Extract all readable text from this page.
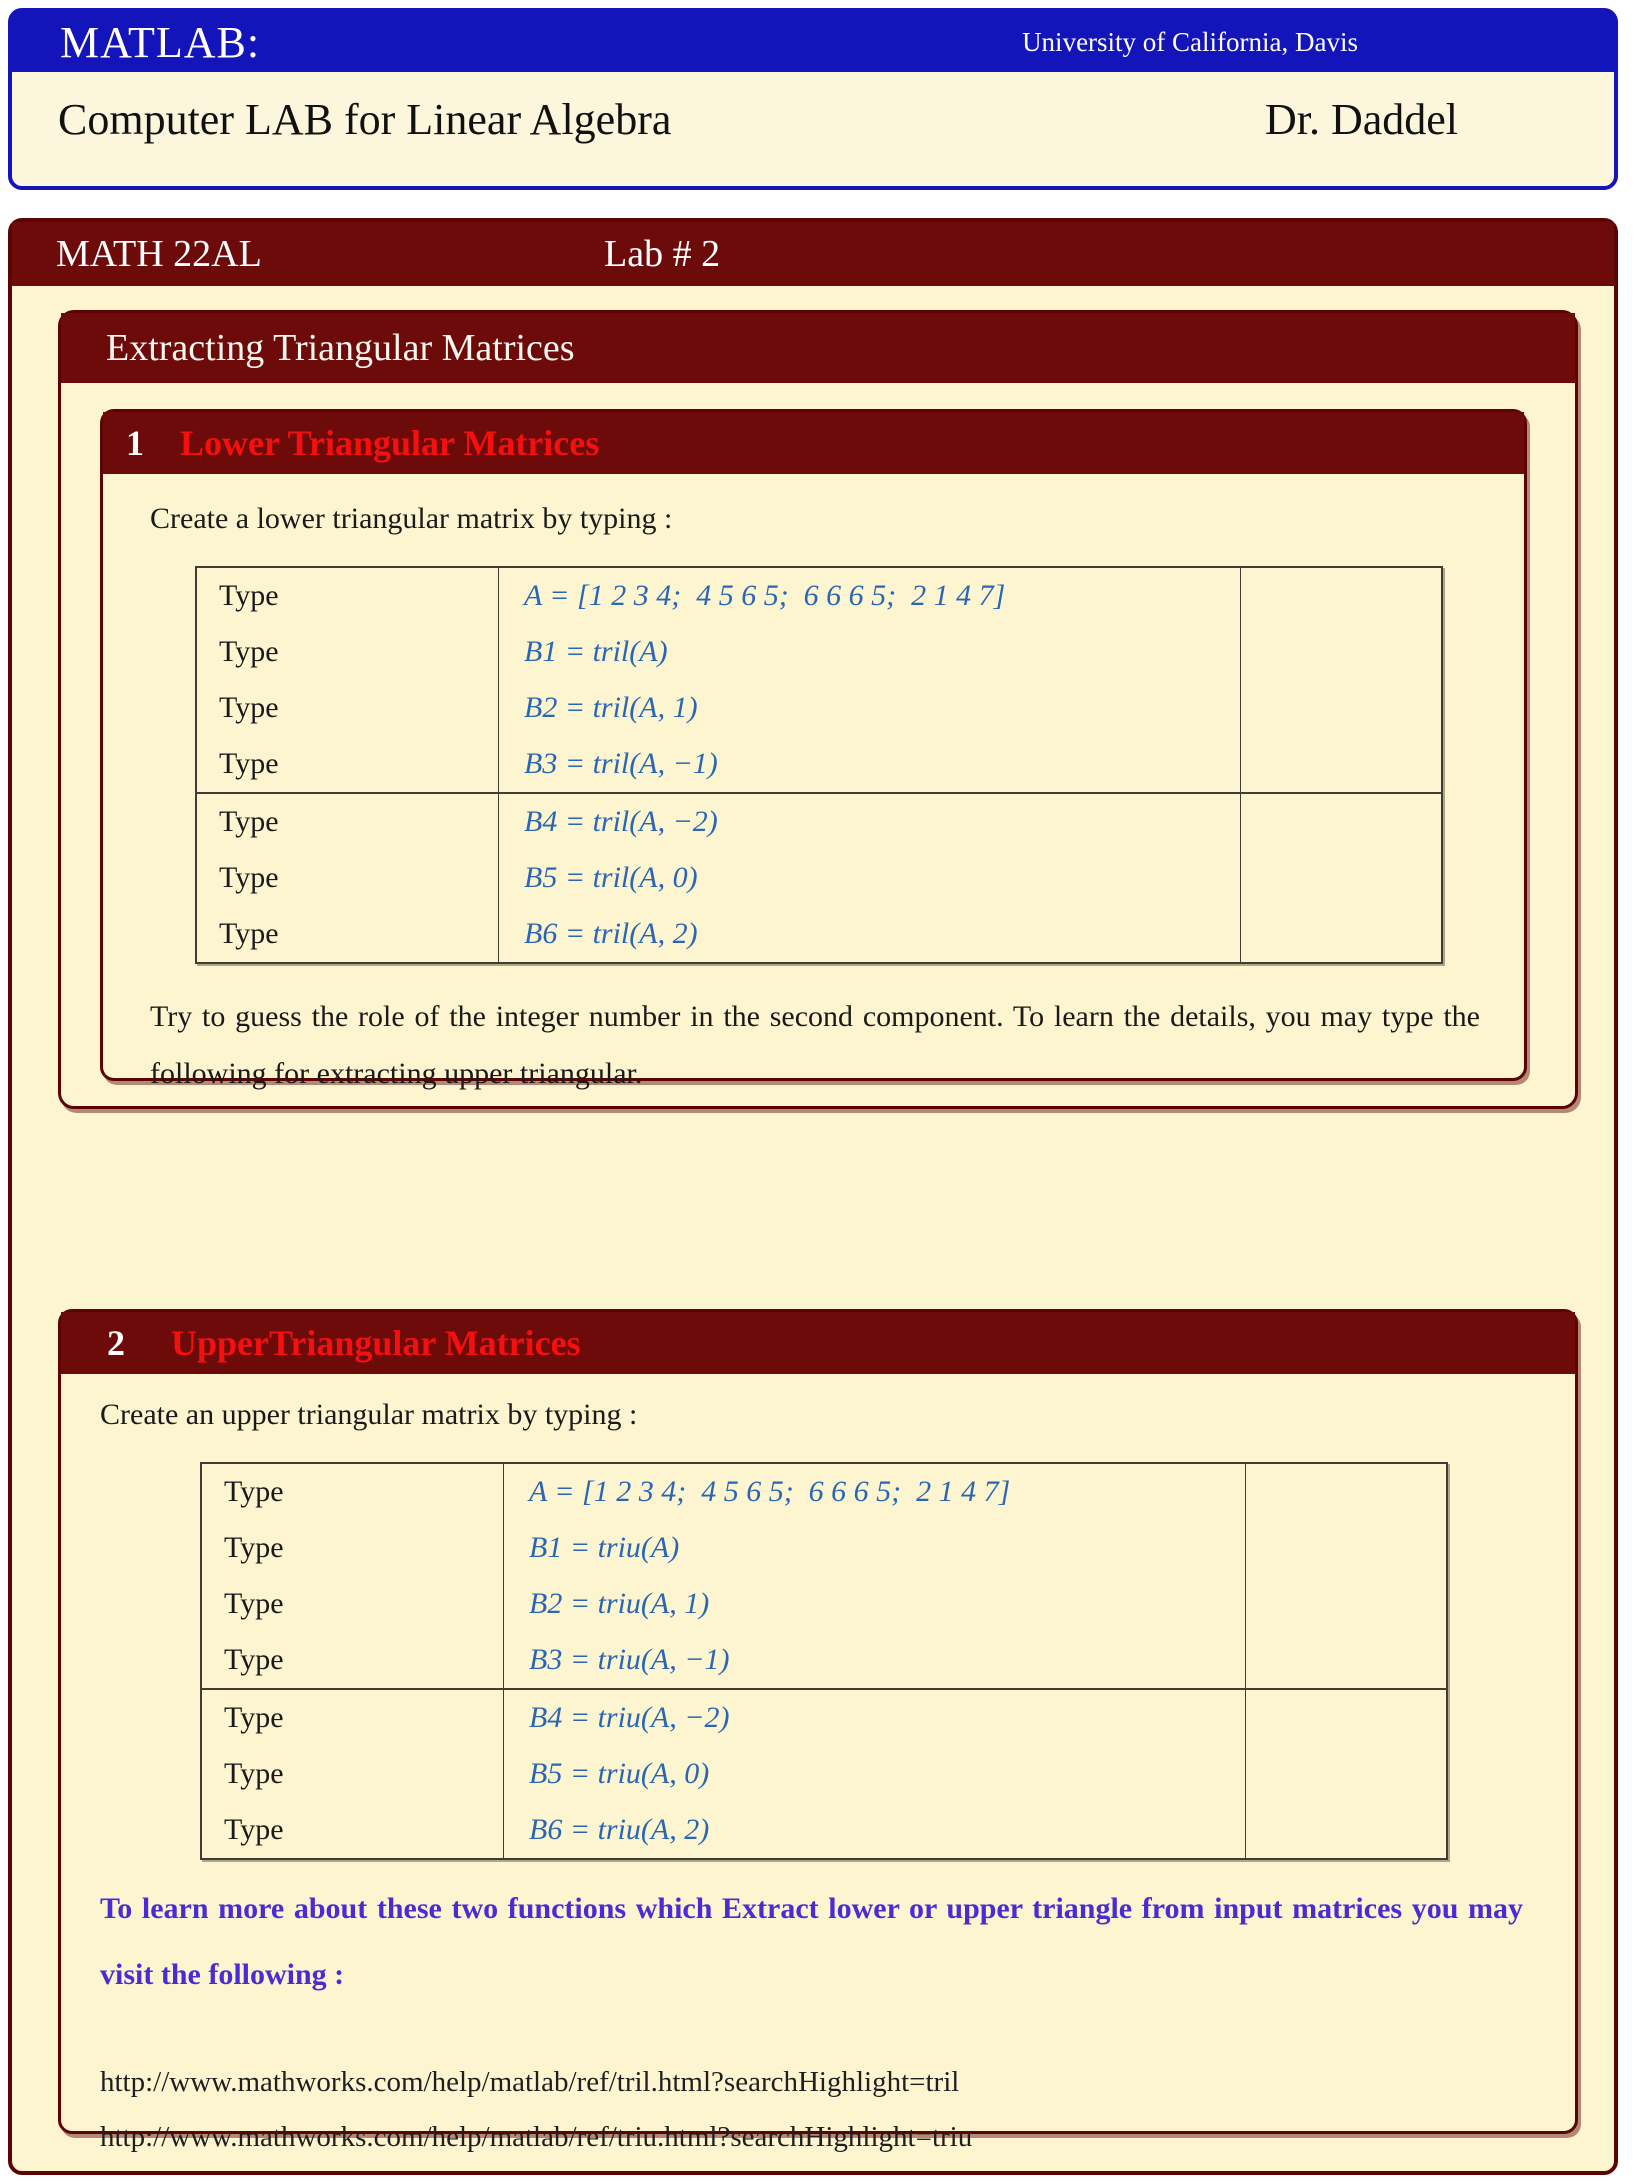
MATLAB:	University of California, Davis
Computer LAB for Linear Algebra	Dr. Daddel
MATH 22AL	Lab # 2
Extracting Triangular Matrices
1 Lower Triangular Matrices
Create a lower triangular matrix by typing :
Type	A = [1 2 3 4;  4 5 6 5;  6 6 6 5;  2 1 4 7]	
Type	B1 = tril(A)	
Type	B2 = tril(A, 1)	
Type	B3 = tril(A, −1)	
Type	B4 = tril(A, −2)	
Type	B5 = tril(A, 0)	
Type	B6 = tril(A, 2)	
Try to guess the role of the integer number in the second component. To learn the details, you may type the following for extracting upper triangular.
2 UpperTriangular Matrices
Create an upper triangular matrix by typing :
Type	A = [1 2 3 4;  4 5 6 5;  6 6 6 5;  2 1 4 7]	
Type	B1 = triu(A)	
Type	B2 = triu(A, 1)	
Type	B3 = triu(A, −1)	
Type	B4 = triu(A, −2)	
Type	B5 = triu(A, 0)	
Type	B6 = triu(A, 2)	
To learn more about these two functions which Extract lower or upper triangle from input matrices you may visit the following :
http://www.mathworks.com/help/matlab/ref/tril.html?searchHighlight=tril
http://www.mathworks.com/help/matlab/ref/triu.html?searchHighlight=triu
